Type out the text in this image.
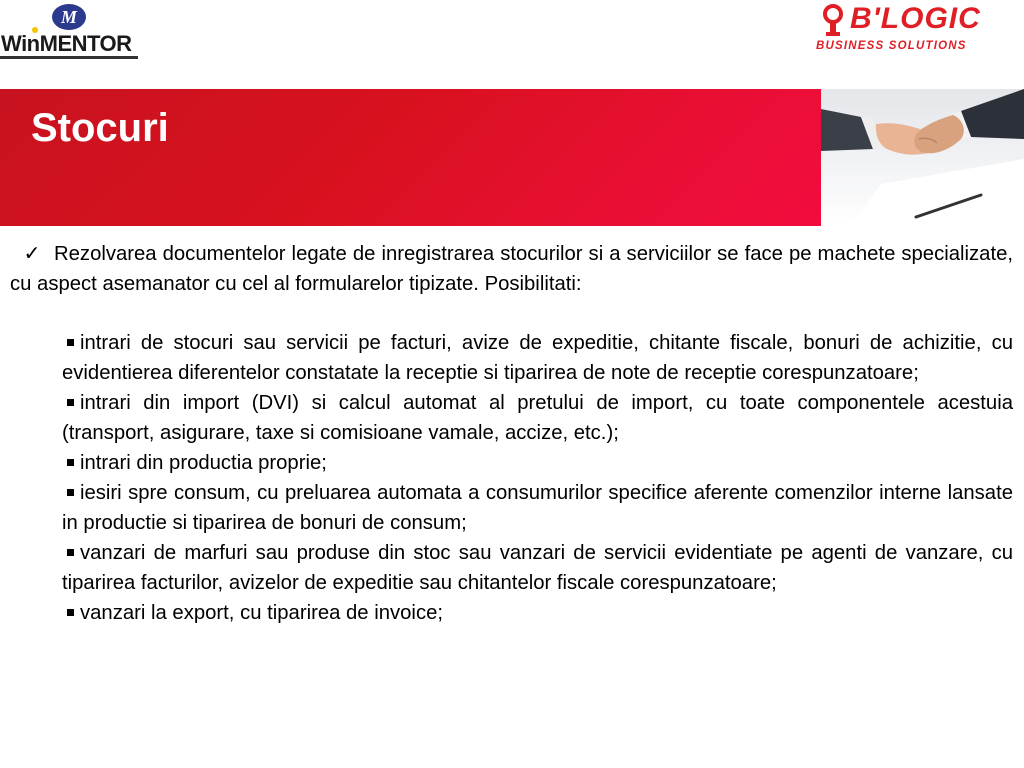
M
WinMENTOR
B'LOGIC
BUSINESS SOLUTIONS
Stocuri

✓ Rezolvarea documentelor legate de inregistrarea stocurilor si a serviciilor se face pe machete specializate, cu aspect asemanator cu cel al formularelor tipizate. Posibilitati:

intrari de stocuri sau servicii pe facturi, avize de expeditie, chitante fiscale, bonuri de achizitie, cu evidentierea diferentelor constatate la receptie si tiparirea de note de receptie corespunzatoare;
intrari din import (DVI) si calcul automat al pretului de import, cu toate componentele acestuia (transport, asigurare, taxe si comisioane vamale, accize, etc.);
intrari din productia proprie;
iesiri spre consum, cu preluarea automata a consumurilor specifice aferente comenzilor interne lansate in productie si tiparirea de bonuri de consum;
vanzari de marfuri sau produse din stoc sau vanzari de servicii evidentiate pe agenti de vanzare, cu tiparirea facturilor, avizelor de expeditie sau chitantelor fiscale corespunzatoare;
vanzari la export, cu tiparirea de invoice;
